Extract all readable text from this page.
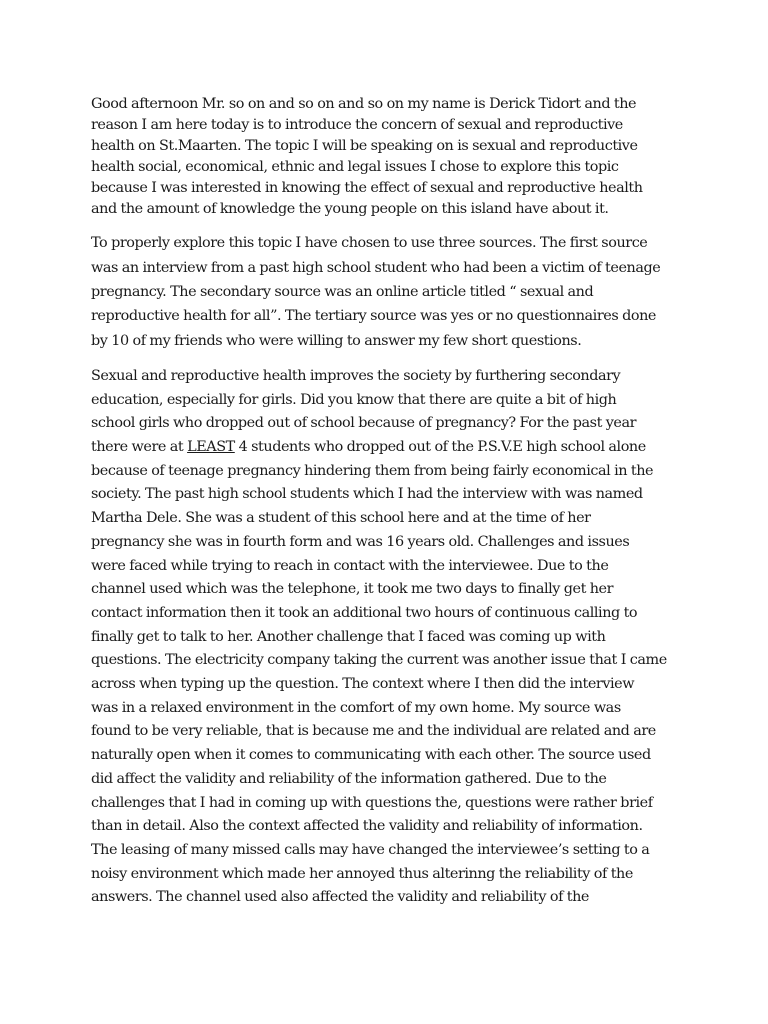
Good afternoon Mr. so on and so on and so on my name is Derick Tidort and the
reason I am here today is to introduce the concern of sexual and reproductive
health on St.Maarten. The topic I will be speaking on is sexual and reproductive
health social, economical, ethnic and legal issues I chose to explore this topic
because I was interested in knowing the effect of sexual and reproductive health
and the amount of knowledge the young people on this island have about it.
To properly explore this topic I have chosen to use three sources. The first source
was an interview from a past high school student who had been a victim of teenage
pregnancy. The secondary source was an online article titled “ sexual and
reproductive health for all”. The tertiary source was yes or no questionnaires done
by 10 of my friends who were willing to answer my few short questions.
Sexual and reproductive health improves the society by furthering secondary
education, especially for girls. Did you know that there are quite a bit of high
school girls who dropped out of school because of pregnancy? For the past year
there were at LEAST 4 students who dropped out of the P.S.V.E high school alone
because of teenage pregnancy hindering them from being fairly economical in the
society. The past high school students which I had the interview with was named
Martha Dele. She was a student of this school here and at the time of her
pregnancy she was in fourth form and was 16 years old. Challenges and issues
were faced while trying to reach in contact with the interviewee. Due to the
channel used which was the telephone, it took me two days to finally get her
contact information then it took an additional two hours of continuous calling to
finally get to talk to her. Another challenge that I faced was coming up with
questions. The electricity company taking the current was another issue that I came
across when typing up the question. The context where I then did the interview
was in a relaxed environment in the comfort of my own home. My source was
found to be very reliable, that is because me and the individual are related and are
naturally open when it comes to communicating with each other. The source used
did affect the validity and reliability of the information gathered. Due to the
challenges that I had in coming up with questions the, questions were rather brief
than in detail. Also the context affected the validity and reliability of information.
The leasing of many missed calls may have changed the interviewee’s setting to a
noisy environment which made her annoyed thus alterinng the reliability of the
answers. The channel used also affected the validity and reliability of the
